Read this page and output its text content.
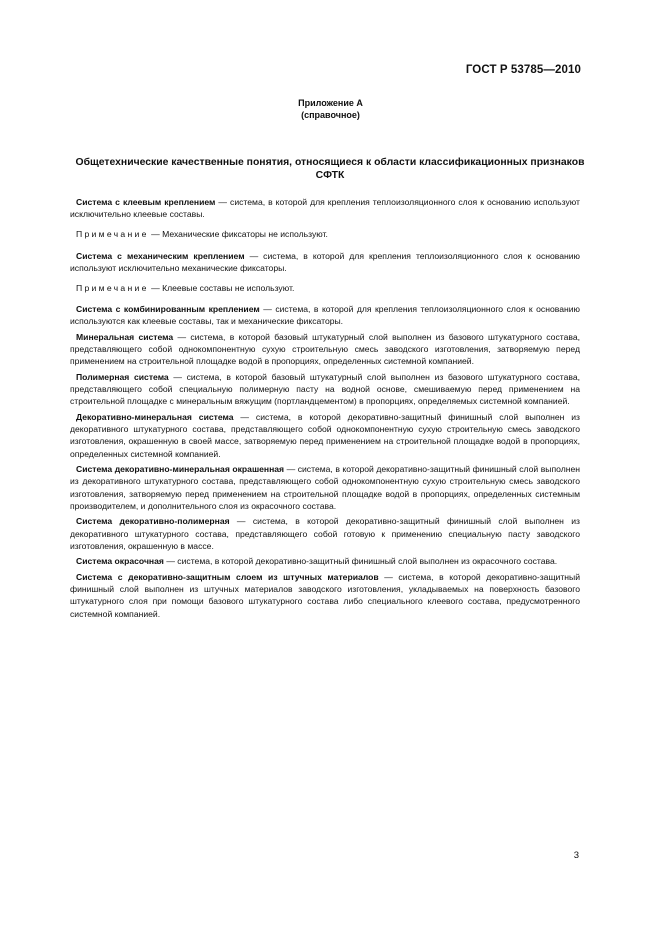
ГОСТ Р 53785—2010
Приложение А
(справочное)
Общетехнические качественные понятия, относящиеся к области классификационных признаков СФТК

Система с клеевым креплением — система, в которой для крепления теплоизоляционного слоя к основанию используют исключительно клеевые составы.

Примечание — Механические фиксаторы не используют.

Система с механическим креплением — система, в которой для крепления теплоизоляционного слоя к основанию используют исключительно механические фиксаторы.

Примечание — Клеевые составы не используют.

Система с комбинированным креплением — система, в которой для крепления теплоизоляционного слоя к основанию используются как клеевые составы, так и механические фиксаторы.

Минеральная система — система, в которой базовый штукатурный слой выполнен из базового штукатурного состава, представляющего собой однокомпонентную сухую строительную смесь заводского изготовления, затворяемую перед применением на строительной площадке водой в пропорциях, определенных системной компанией.

Полимерная система — система, в которой базовый штукатурный слой выполнен из базового штукатурного состава, представляющего собой специальную полимерную пасту на водной основе, смешиваемую перед применением на строительной площадке с минеральным вяжущим (портландцементом) в пропорциях, определяемых системной компанией.

Декоративно-минеральная система — система, в которой декоративно-защитный финишный слой выполнен из декоративного штукатурного состава, представляющего собой однокомпонентную сухую строительную смесь заводского изготовления, окрашенную в своей массе, затворяемую перед применением на строительной площадке водой в пропорциях, определенных системной компанией.

Система декоративно-минеральная окрашенная — система, в которой декоративно-защитный финишный слой выполнен из декоративного штукатурного состава, представляющего собой однокомпонентную сухую строительную смесь заводского изготовления, затворяемую перед применением на строительной площадке водой в пропорциях, определенных системным производителем, и дополнительного слоя из окрасочного состава.

Система декоративно-полимерная — система, в которой декоративно-защитный финишный слой выполнен из декоративного штукатурного состава, представляющего собой готовую к применению специальную пасту заводского изготовления, окрашенную в массе.

Система окрасочная — система, в которой декоративно-защитный финишный слой выполнен из окрасочного состава.

Система с декоративно-защитным слоем из штучных материалов — система, в которой декоративно-защитный финишный слой выполнен из штучных материалов заводского изготовления, укладываемых на поверхность базового штукатурного слоя при помощи базового штукатурного состава либо специального клеевого состава, предусмотренного системной компанией.

3
